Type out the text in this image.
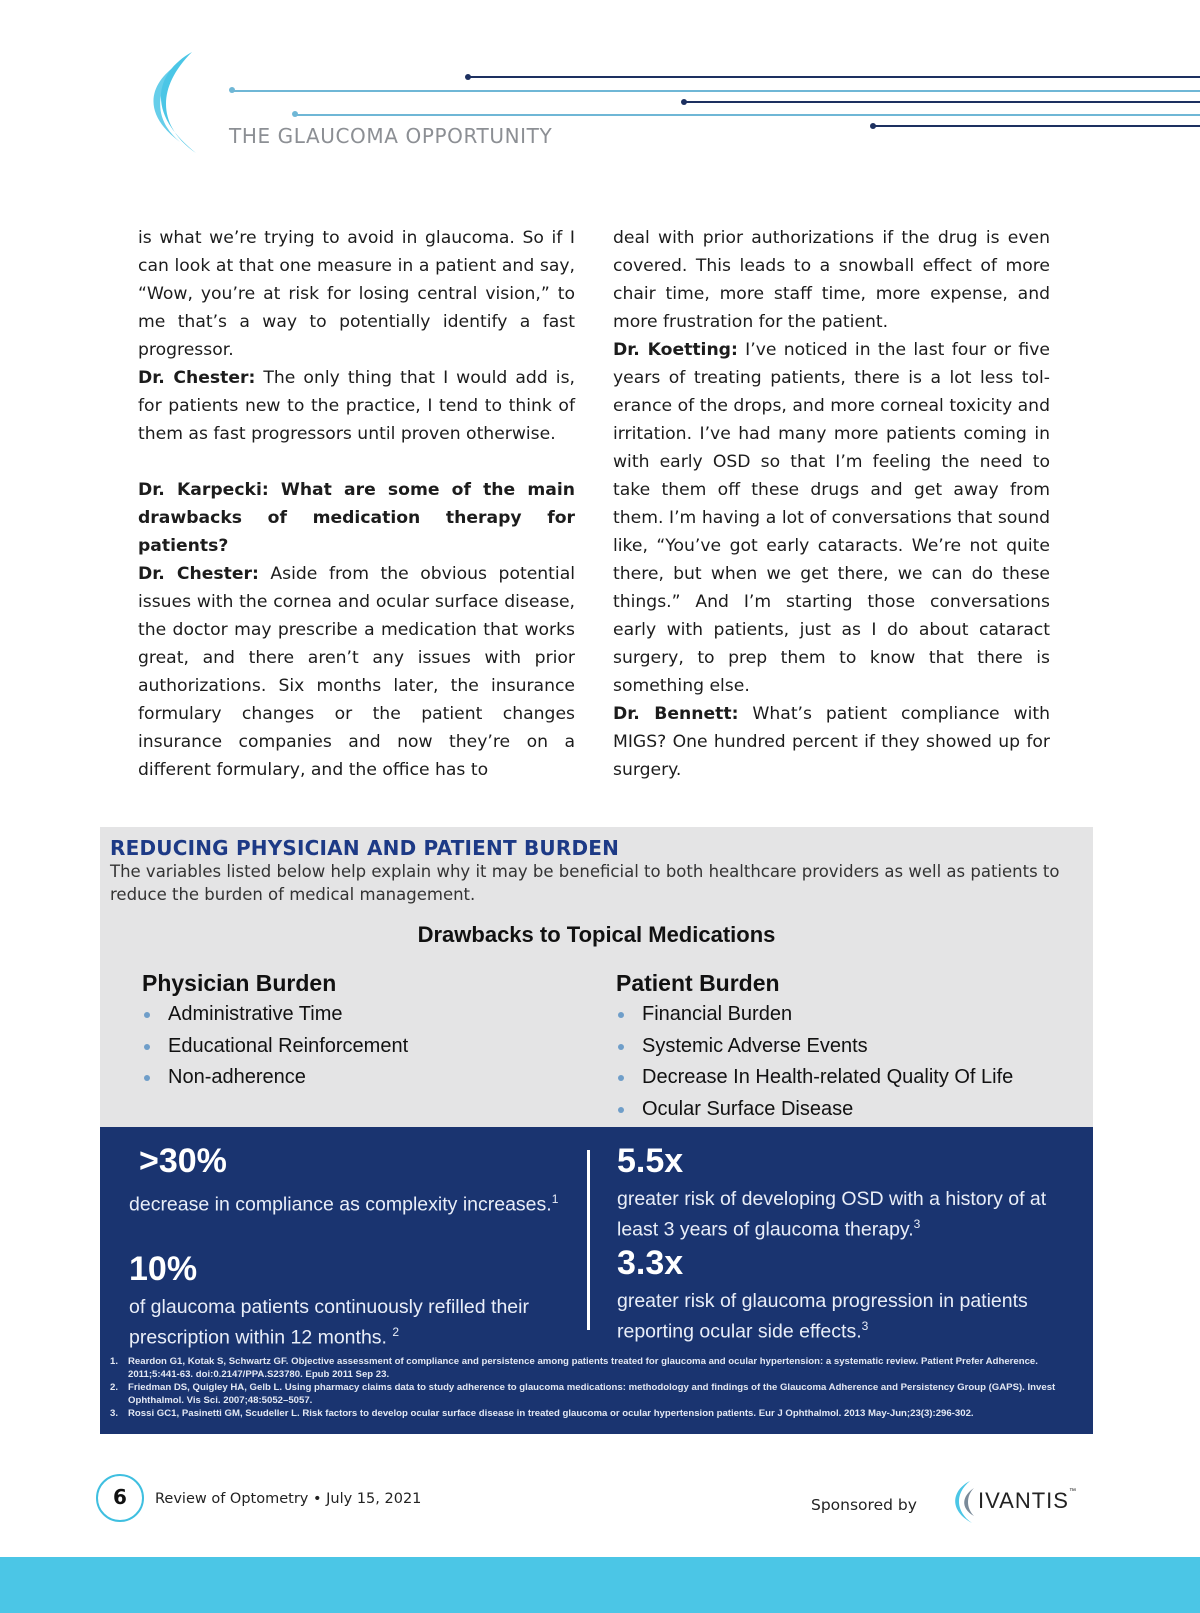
THE GLAUCOMA OPPORTUNITY

is what we’re trying to avoid in glaucoma. So if I can look at that one measure in a patient and say, “Wow, you’re at risk for losing central vision,” to me that’s a way to potentially identify a fast progressor.

Dr. Chester: The only thing that I would add is, for patients new to the practice, I tend to think of them as fast progressors until proven otherwise.

Dr. Karpecki: What are some of the main drawbacks of medication therapy for patients?

Dr. Chester: Aside from the obvious potential issues with the cornea and ocular surface disease, the doctor may prescribe a medication that works great, and there aren’t any issues with prior authorizations. Six months later, the insurance formulary changes or the patient changes insurance companies and now they’re on a different formulary, and the office has to

deal with prior authorizations if the drug is even covered. This leads to a snowball effect of more chair time, more staff time, more expense, and more frustration for the patient.

Dr. Koetting: I’ve noticed in the last four or five years of treating patients, there is a lot less tolerance of the drops, and more corneal toxicity and irritation. I’ve had many more patients coming in with early OSD so that I’m feeling the need to take them off these drugs and get away from them. I’m having a lot of conversations that sound like, “You’ve got early cataracts. We’re not quite there, but when we get there, we can do these things.” And I’m starting those conversations early with patients, just as I do about cataract surgery, to prep them to know that there is something else.

Dr. Bennett: What’s patient compliance with MIGS? One hundred percent if they showed up for surgery.

REDUCING PHYSICIAN AND PATIENT BURDEN
The variables listed below help explain why it may be beneficial to both healthcare providers as well as patients to reduce the burden of medical management.
Drawbacks to Topical Medications
Physician Burden
Administrative Time
Educational Reinforcement
Non-adherence
Patient Burden
Financial Burden
Systemic Adverse Events
Decrease In Health-related Quality Of Life
Ocular Surface Disease
>30%
decrease in compliance as complexity increases.$^1$
10%
of glaucoma patients continuously refilled their prescription within 12 months. $^2$
5.5x
greater risk of developing OSD with a history of at least 3 years of glaucoma therapy.$^3$
3.3x
greater risk of glaucoma progression in patients reporting ocular side effects.$^3$
1. Reardon G1, Kotak S, Schwartz GF. Objective assessment of compliance and persistence among patients treated for glaucoma and ocular hypertension: a systematic review. Patient Prefer Adherence. 2011;5:441-63. doi:0.2147/PPA.S23780. Epub 2011 Sep 23.
2. Friedman DS, Quigley HA, Gelb L. Using pharmacy claims data to study adherence to glaucoma medications: methodology and findings of the Glaucoma Adherence and Persistency Group (GAPS). Invest Ophthalmol. Vis Sci. 2007;48:5052–5057.
3. Rossi GC1, Pasinetti GM, Scudeller L. Risk factors to develop ocular surface disease in treated glaucoma or ocular hypertension patients. Eur J Ophthalmol. 2013 May-Jun;23(3):296-302.
6	Review of Optometry • July 15, 2021	Sponsored by	IVANTIS™
